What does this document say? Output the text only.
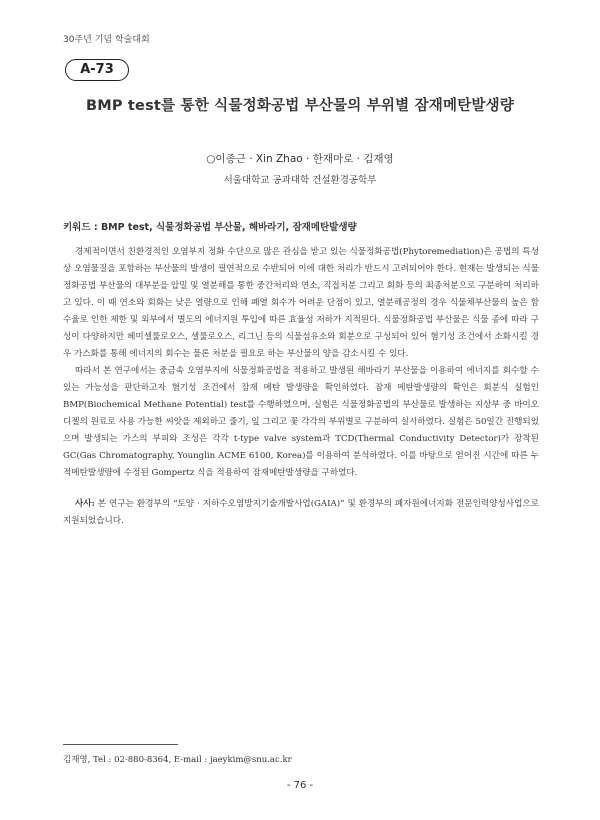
30주년 기념 학술대회
A-73
BMP test를 통한 식물정화공법 부산물의 부위별 잠재메탄발생량
○이종근 · Xin Zhao · 한재마로 · 김재영
서울대학교 공과대학 건설환경공학부
키워드 : BMP test, 식물정화공법 부산물, 해바라기, 잠재메탄발생량

경제적이면서 친환경적인 오염부지 정화 수단으로 많은 관심을 받고 있는 식물정화공법(Phytoremediation)은 공법의 특성상 오염물질을 포함하는 부산물의 발생이 필연적으로 수반되어 이에 대한 처리가 반드시 고려되어야 한다. 현재는 발생되는 식물정화공법 부산물의 대부분을 압밀 및 열분해를 통한 중간처리와 연소, 직접처분 그리고 회화 등의 최종처분으로 구분하여 처리하고 있다. 이 때 연소와 회화는 낮은 열량으로 인해 폐열 회수가 어려운 단점이 있고, 열분해공정의 경우 식물체부산물의 높은 함수율로 인한 제한 및 외부에서 별도의 에너지원 투입에 따른 효율성 저하가 지적된다. 식물정화공법 부산물은 식물 종에 따라 구성이 다양하지만 헤미셀룰로오스, 셀룰로오스, 리그닌 등의 식물섬유소와 회분으로 구성되어 있어 혐기성 조건에서 소화시킬 경우 가스화를 통해 에너지의 회수는 물론 처분을 필요로 하는 부산물의 양을 감소시킬 수 있다.

따라서 본 연구에서는 중금속 오염부지에 식물정화공법을 적용하고 발생된 해바라기 부산물을 이용하여 에너지를 회수할 수 있는 가능성을 판단하고자 혐기성 조건에서 잠재 메탄 발생량을 확인하였다. 잠재 메탄발생량의 확인은 회분식 실험인 BMP(Biochemical Methane Potential) test를 수행하였으며, 실험은 식물정화공법의 부산물로 발생하는 지상부 중 바이오디젤의 원료로 사용 가능한 씨앗을 제외하고 줄기, 잎 그리고 꽃 각각의 부위별로 구분하여 실시하였다. 실험은 50일간 진행되었으며 발생되는 가스의 부피와 조성은 각각 t-type valve system과 TCD(Thermal Conductivity Detector)가 장착된 GC(Gas Chromatography, Younglin ACME 6100, Korea)를 이용하여 분석하였다. 이를 바탕으로 얻어진 시간에 따른 누적메탄발생량에 수정된 Gompertz 식을 적용하여 잠재메탄발생량을 구하였다.

사사: 본 연구는 환경부의 “토양 · 지하수오염방지기술개발사업(GAIA)” 및 환경부의 폐자원에너지화 전문인력양성사업으로 지원되었습니다.

김재영, Tel : 02-880-8364, E-mail : jaeykim@snu.ac.kr
- 76 -
